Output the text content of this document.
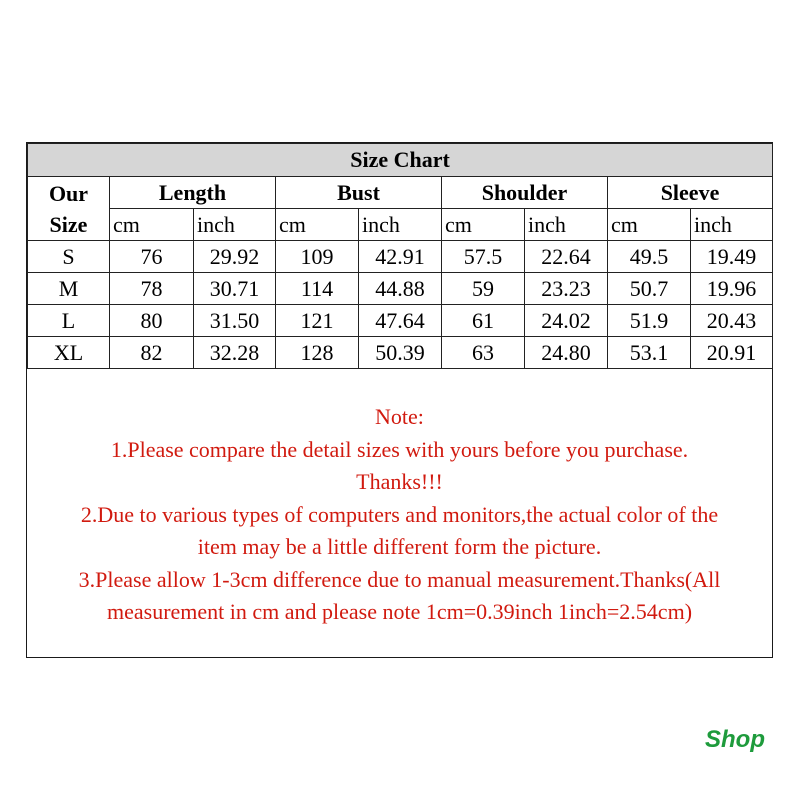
Size Chart								

Our
Size	Length		Bust		Shoulder		Sleeve	
	cm	inch	cm	inch	cm	inch	cm	inch
S	76	29.92	109	42.91	57.5	22.64	49.5	19.49
M	78	30.71	114	44.88	59	23.23	50.7	19.96
L	80	31.50	121	47.64	61	24.02	51.9	20.43
XL	82	32.28	128	50.39	63	24.80	53.1	20.91
Note:
1.Please compare the detail sizes with yours before you purchase.
Thanks!!!
2.Due to various types of computers and monitors,the actual color of the
item may be a little different form the picture.
3.Please allow 1-3cm difference due to manual measurement.Thanks(All
measurement in cm and please note 1cm=0.39inch 1inch=2.54cm)
Shop
